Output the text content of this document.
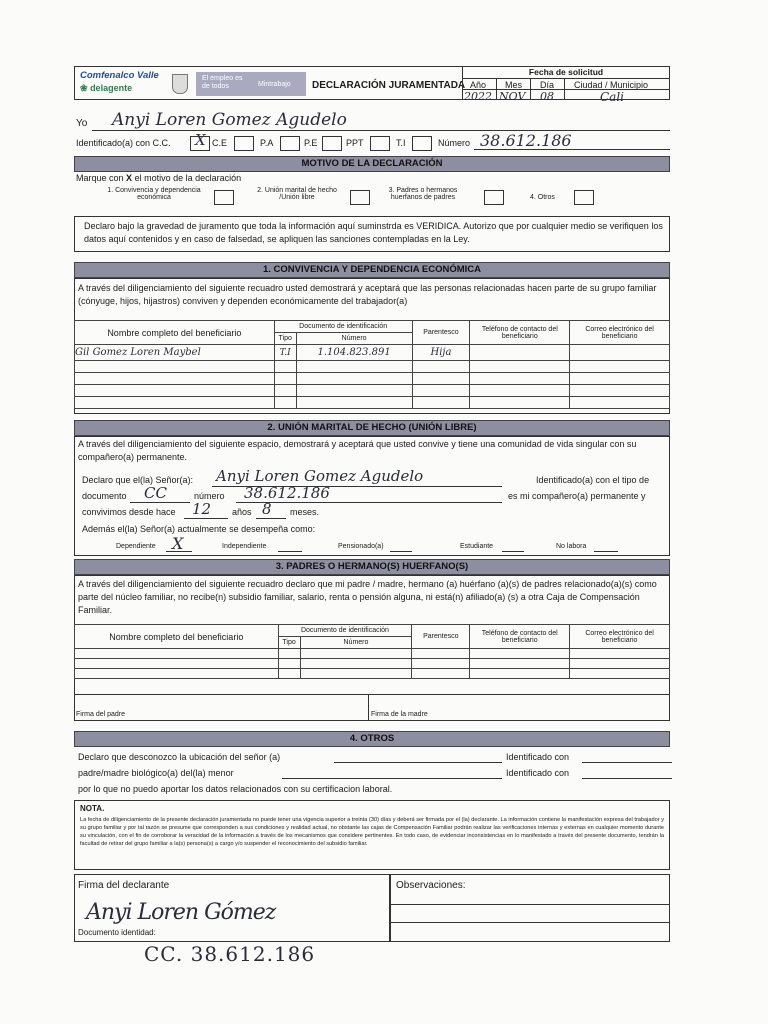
Comfenalco Valle
❀ delagente
El empleo es de todos	Mintrabajo DECLARACIÓN JURAMENTADA
Fecha de solicitud
Año Mes Día Ciudad / Municipio
2022 NOV 08	Cali
Yo Anyi Loren Gomez Agudelo
Identificado(a) con C.C. X C.E	P.A	P.E	PPT	T.I	Número 38.612.186
MOTIVO DE LA DECLARACIÓN
Marque con X el motivo de la declaración
1. Convivencia y dependencia económica
2. Unión marital de hecho /Unión libre
3. Padres o hermanos huerfanos de padres	4. Otros
Declaro bajo la gravedad de juramento que toda la información aquí suminstrda es VERIDICA. Autorizo que por cualquier medio se verifiquen los datos aquí contenidos y en caso de falsedad, se apliquen las sanciones contempladas en la Ley.
1. CONVIVENCIA Y DEPENDENCIA ECONÓMICA
A través del diligenciamiento del siguiente recuadro usted demostrará y aceptará que las personas relacionadas hacen parte de su grupo familiar (cónyuge, hijos, hijastros) conviven y dependen económicamente del trabajador(a)
Nombre completo del beneficiario	Documento de identificación		Parentesco	Teléfono de contacto del beneficiario	Correo electrónico del beneficiario
	Tipo	Número			
Gil Gomez Loren Maybel	T.I	1.104.823.891	Hija		

2. UNIÓN MARITAL DE HECHO (UNIÓN LIBRE)
A través del diligenciamiento del siguiente espacio, demostrará y aceptará que usted convive y tiene una comunidad de vida singular con su compañero(a) permanente.
Declaro que el(la) Señor(a): Anyi Loren Gomez Agudelo	Identificado(a) con el tipo de
documento CC	número 38.612.186	es mi compañero(a) permanente y
convivimos desde hace 12 años 8 meses.
Además el(la) Señor(a) actualmente se desempeña como:
Dependiente X	Independiente	Pensionado(a)	Estudiante	No labora
3. PADRES O HERMANO(S) HUERFANO(S)
A través del diligenciamiento del siguiente recuadro declaro que mi padre / madre, hermano (a) huérfano (a)(s) de padres relacionado(a)(s) como parte del núcleo familiar, no recibe(n) subsidio familiar, salario, renta o pensión alguna, ni está(n) afiliado(a) (s) a otra Caja de Compensación Familiar.
Nombre completo del beneficiario	Documento de identificación		Parentesco	Teléfono de contacto del beneficiario	Correo electrónico del beneficiario
	Tipo	Número			

Firma del padre	Firma de la madre
4. OTROS
Declaro que desconozco la ubicación del señor (a)	Identificado con
padre/madre biológico(a) del(la) menor	Identificado con
por lo que no puedo aportar los datos relacionados con su certificacion laboral.
NOTA.
La fecha de diligenciamiento de la presente declaración juramentada no puede tener una vigencia superior a treinta (30) días y deberá ser firmada por el (la) declarante. La información contiene la manifestación expresa del trabajador y su grupo familiar y por tal razón se presume que corresponden a sus condiciones y realidad actual, no obstante las cajas de Compensación Familiar podrán realizar las verificaciones internas y externas en cualquier momento durante su vinculación, con el fin de corroborar la veracidad de la información a través de los mecanismos que considere pertinentes. En todo caso, de evidenciar inconsistencias en lo manifestado a través del presente documento, tendrán la facultad de retirar del grupo familiar a la(s) persona(s) a cargo y/o suspender el reconocimiento del subsidio familiar.
Firma del declarante
Anyi Loren Gómez
Documento identidad:
CC. 38.612.186
Observaciones:
